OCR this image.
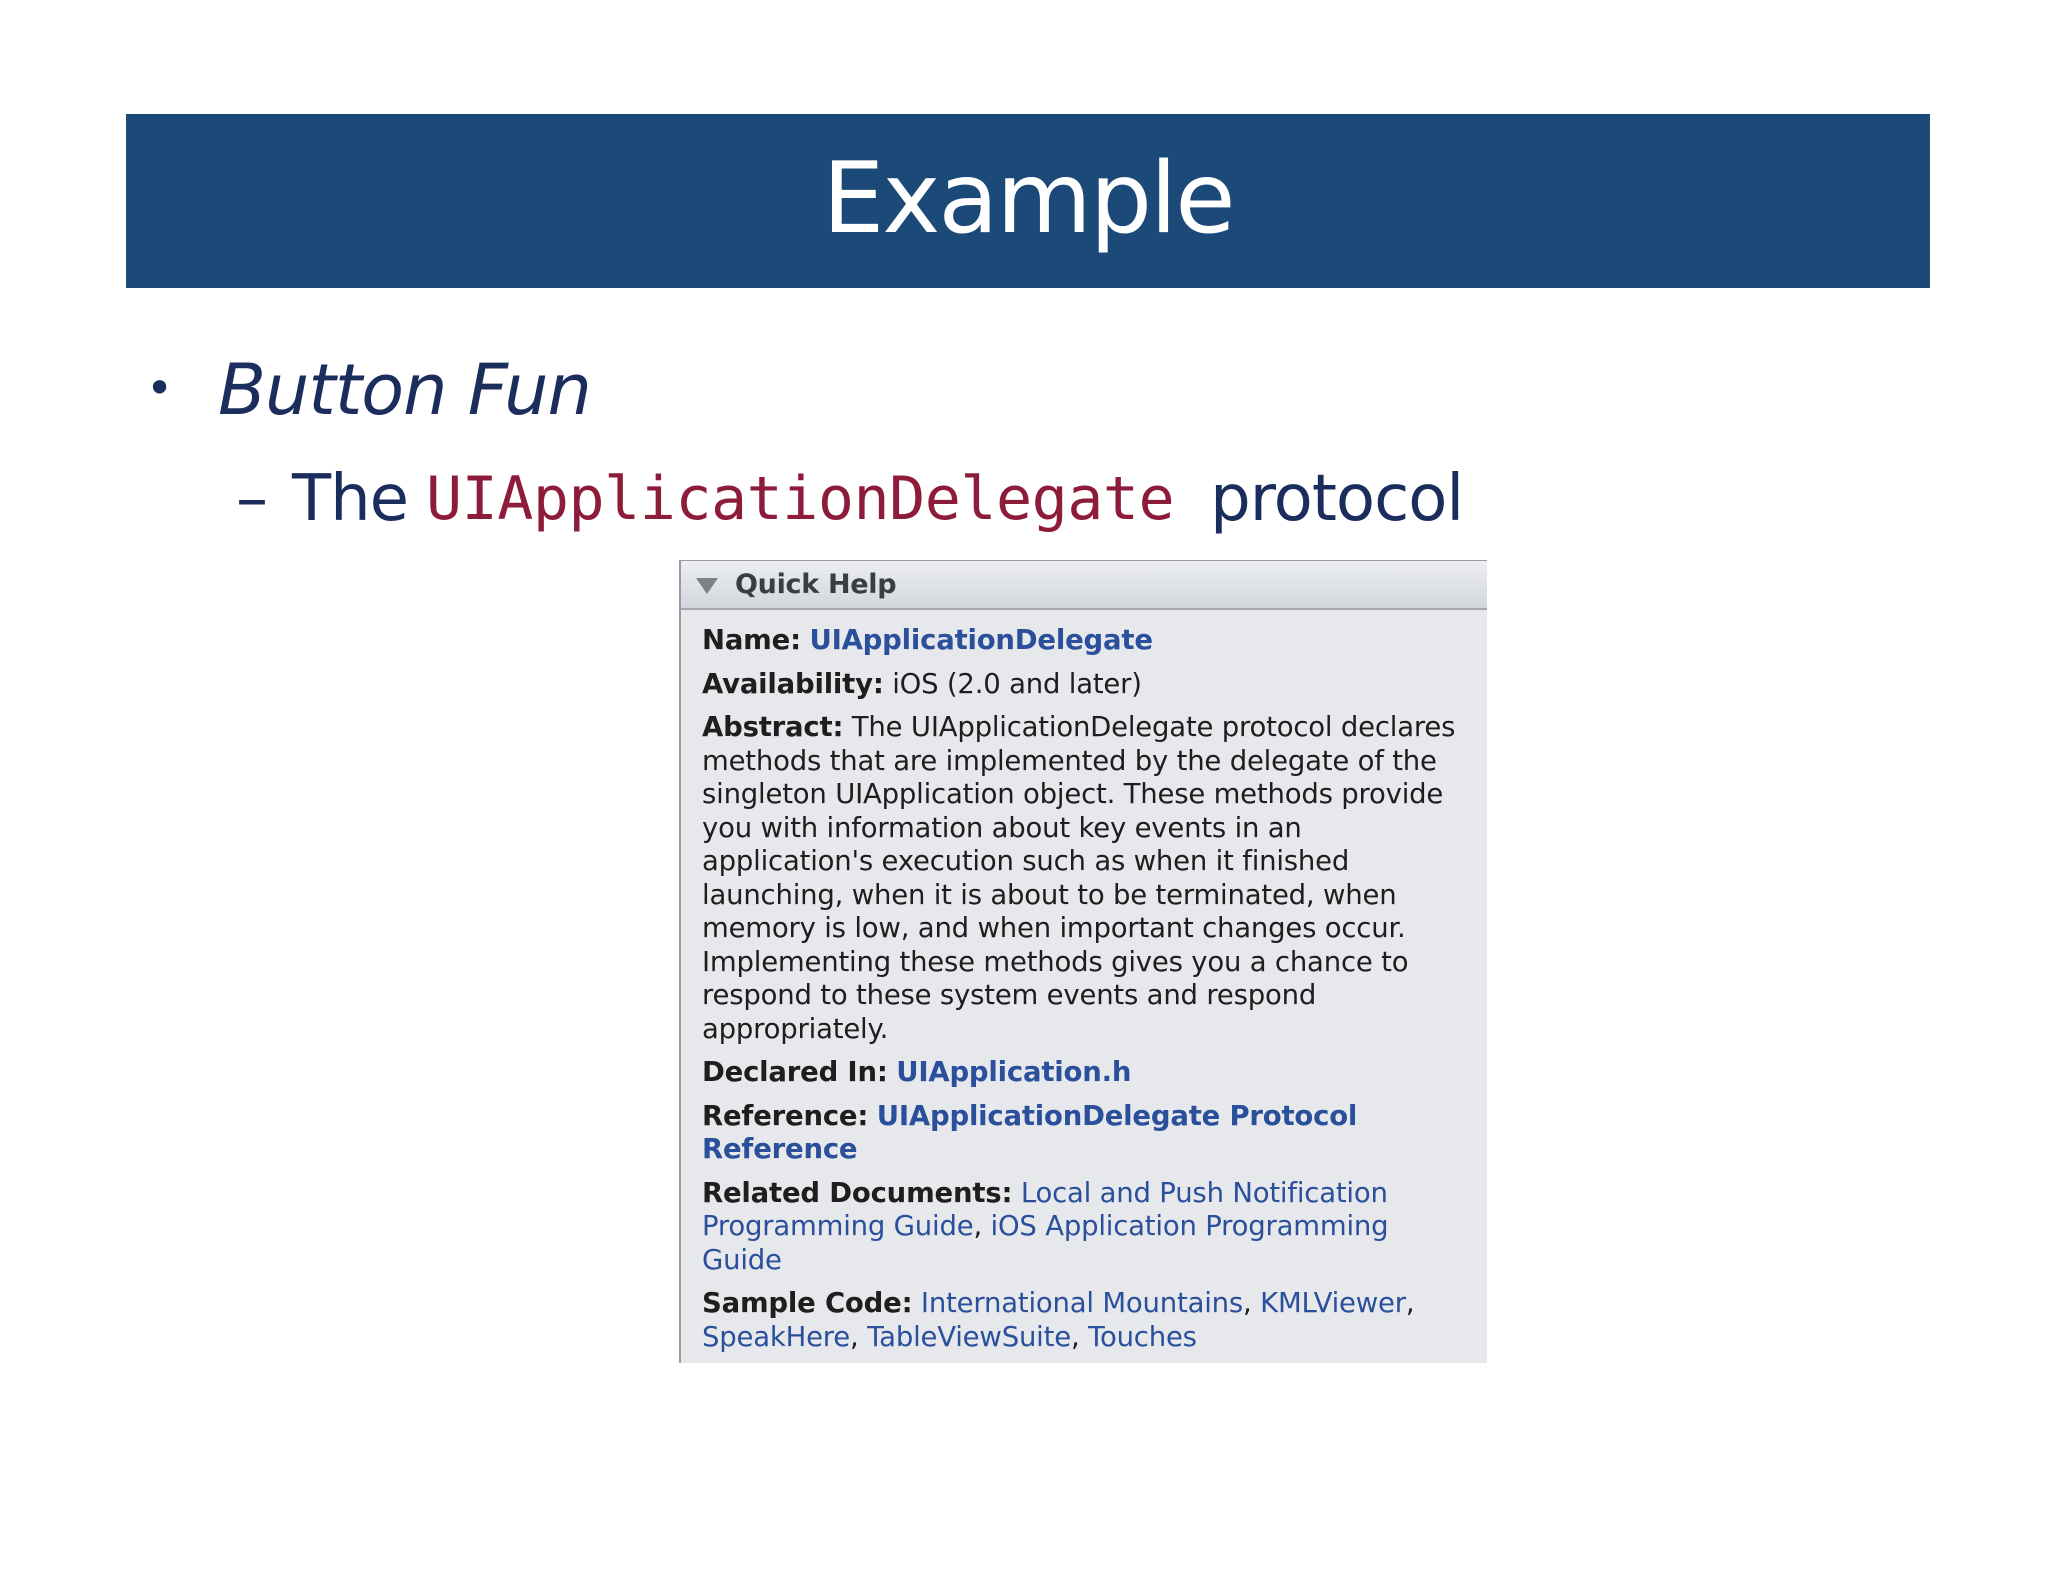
Example
• Button Fun
– The UIApplicationDelegate protocol
Quick Help
Name: UIApplicationDelegate
Availability: iOS (2.0 and later)
Abstract: The UIApplicationDelegate protocol declares
methods that are implemented by the delegate of the
singleton UIApplication object. These methods provide
you with information about key events in an
application's execution such as when it finished
launching, when it is about to be terminated, when
memory is low, and when important changes occur.
Implementing these methods gives you a chance to
respond to these system events and respond
appropriately.
Declared In: UIApplication.h
Reference: UIApplicationDelegate Protocol Reference
Related Documents: Local and Push Notification
Programming Guide, iOS Application Programming
Guide
Sample Code: International Mountains, KMLViewer,
SpeakHere, TableViewSuite, Touches
